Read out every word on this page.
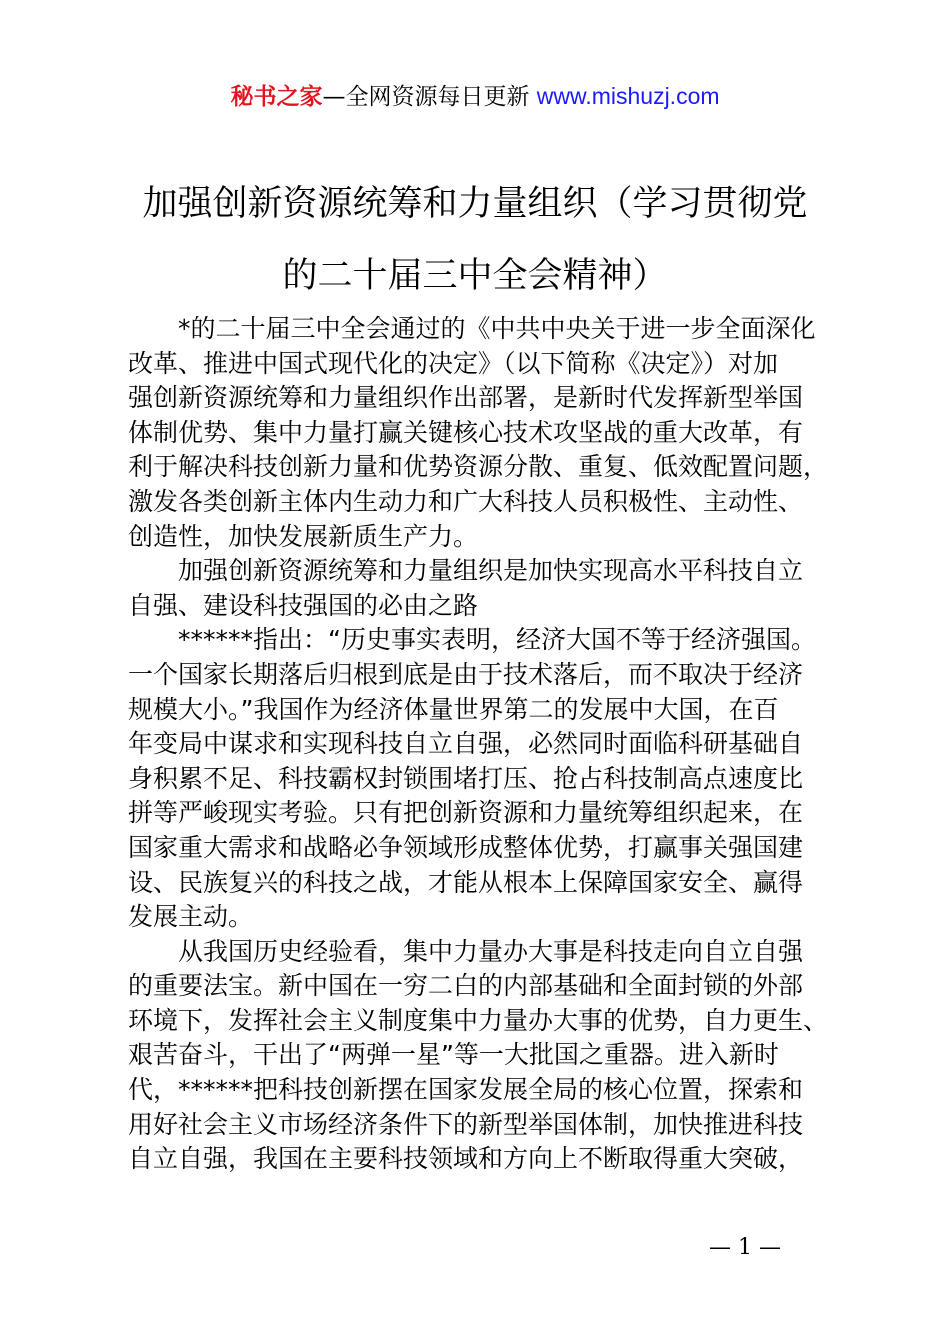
秘书之家—全网资源每日更新 www.mishuzj.com
加强创新资源统筹和力量组织（学习贯彻党
的二十届三中全会精神）

*的二十届三中全会通过的《中共中央关于进一步全面深化
改革、推进中国式现代化的决定》（以下简称《决定》）对加
强创新资源统筹和力量组织作出部署，是新时代发挥新型举国
体制优势、集中力量打赢关键核心技术攻坚战的重大改革，有
利于解决科技创新力量和优势资源分散、重复、低效配置问题，
激发各类创新主体内生动力和广大科技人员积极性、主动性、
创造性，加快发展新质生产力。

加强创新资源统筹和力量组织是加快实现高水平科技自立
自强、建设科技强国的必由之路

******指出：“历史事实表明，经济大国不等于经济强国。
一个国家长期落后归根到底是由于技术落后，而不取决于经济
规模大小。”我国作为经济体量世界第二的发展中大国，在百
年变局中谋求和实现科技自立自强，必然同时面临科研基础自
身积累不足、科技霸权封锁围堵打压、抢占科技制高点速度比
拼等严峻现实考验。只有把创新资源和力量统筹组织起来，在
国家重大需求和战略必争领域形成整体优势，打赢事关强国建
设、民族复兴的科技之战，才能从根本上保障国家安全、赢得
发展主动。

从我国历史经验看，集中力量办大事是科技走向自立自强
的重要法宝。新中国在一穷二白的内部基础和全面封锁的外部
环境下，发挥社会主义制度集中力量办大事的优势，自力更生、
艰苦奋斗，干出了“两弹一星”等一大批国之重器。进入新时
代，******把科技创新摆在国家发展全局的核心位置，探索和
用好社会主义市场经济条件下的新型举国体制，加快推进科技
自立自强，我国在主要科技领域和方向上不断取得重大突破，

— 1 —
